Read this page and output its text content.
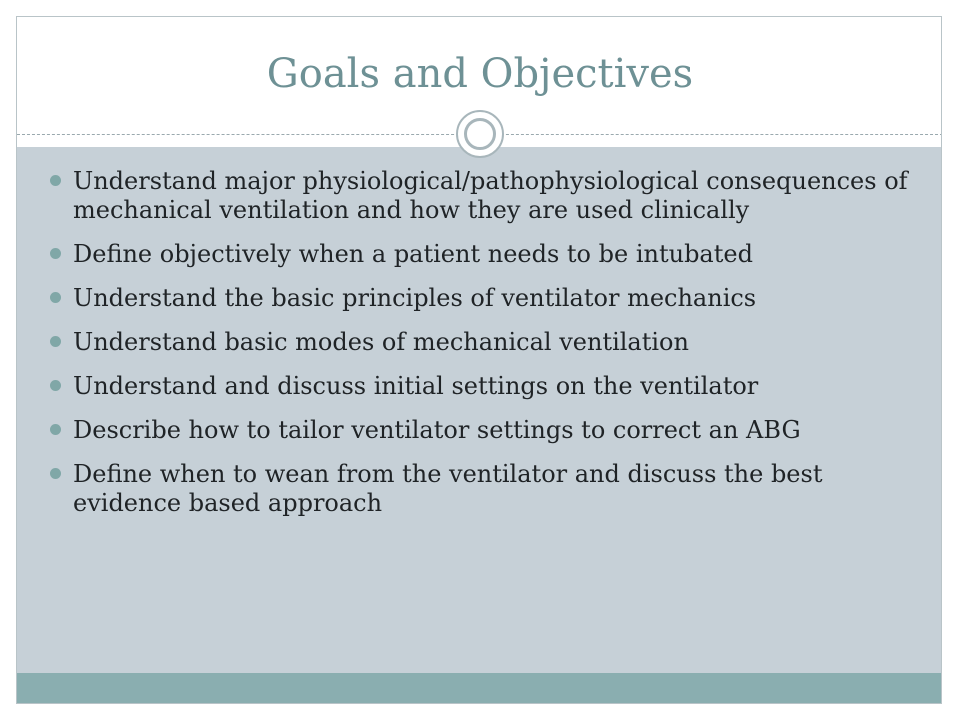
Goals and Objectives
Understand major physiological/pathophysiological consequences of mechanical ventilation and how they are used clinically
Define objectively when a patient needs to be intubated
Understand the basic principles of ventilator mechanics
Understand basic modes of mechanical ventilation
Understand and discuss initial settings on the ventilator
Describe how to tailor ventilator settings to correct an ABG
Define when to wean from the ventilator and discuss the best evidence based approach
